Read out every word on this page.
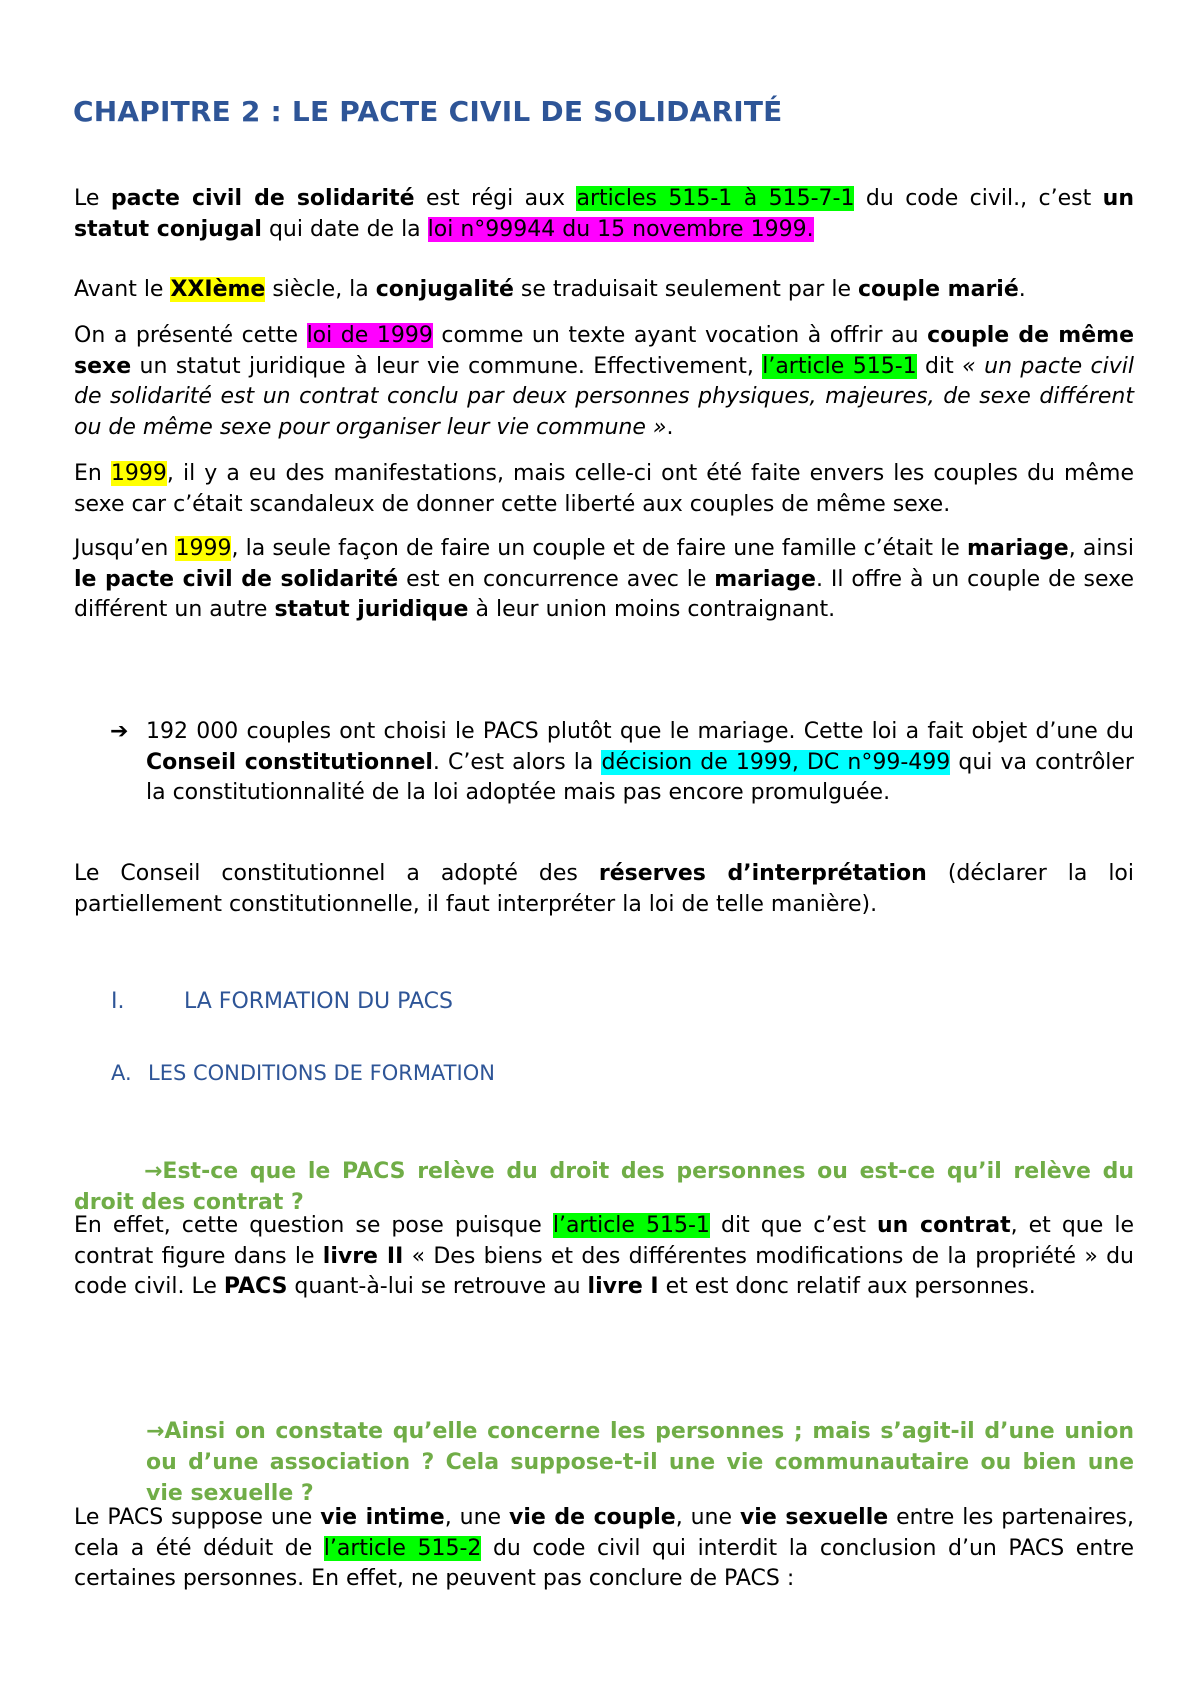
CHAPITRE 2 : LE PACTE CIVIL DE SOLIDARITÉ

Le pacte civil de solidarité est régi aux articles 515-1 à 515-7-1 du code civil., c’est un statut conjugal qui date de la loi n°99944 du 15 novembre 1999.

Avant le XXIème siècle, la conjugalité se traduisait seulement par le couple marié.

On a présenté cette loi de 1999 comme un texte ayant vocation à offrir au couple de même sexe un statut juridique à leur vie commune. Effectivement, l’article 515-1 dit « un pacte civil de solidarité est un contrat conclu par deux personnes physiques, majeures, de sexe différent ou de même sexe pour organiser leur vie commune ».

En 1999, il y a eu des manifestations, mais celle-ci ont été faite envers les couples du même sexe car c’était scandaleux de donner cette liberté aux couples de même sexe.

Jusqu’en 1999, la seule façon de faire un couple et de faire une famille c’était le mariage, ainsi le pacte civil de solidarité est en concurrence avec le mariage. Il offre à un couple de sexe différent un autre statut juridique à leur union moins contraignant.

➔ 192 000 couples ont choisi le PACS plutôt que le mariage. Cette loi a fait objet d’une du Conseil constitutionnel. C’est alors la décision de 1999, DC n°99-499 qui va contrôler la constitutionnalité de la loi adoptée mais pas encore promulguée.

Le Conseil constitutionnel a adopté des réserves d’interprétation (déclarer la loi partiellement constitutionnelle, il faut interpréter la loi de telle manière).

I.	LA FORMATION DU PACS
A. LES CONDITIONS DE FORMATION

→Est-ce que le PACS relève du droit des personnes ou est-ce qu’il relève du droit des contrat ?

En effet, cette question se pose puisque l’article 515-1 dit que c’est un contrat, et que le contrat figure dans le livre II « Des biens et des différentes modifications de la propriété » du code civil. Le PACS quant-à-lui se retrouve au livre I et est donc relatif aux personnes.

→Ainsi on constate qu’elle concerne les personnes ; mais s’agit-il d’une union ou d’une association ? Cela suppose-t-il une vie communautaire ou bien une vie sexuelle ?

Le PACS suppose une vie intime, une vie de couple, une vie sexuelle entre les partenaires, cela a été déduit de l’article 515-2 du code civil qui interdit la conclusion d’un PACS entre certaines personnes. En effet, ne peuvent pas conclure de PACS :
